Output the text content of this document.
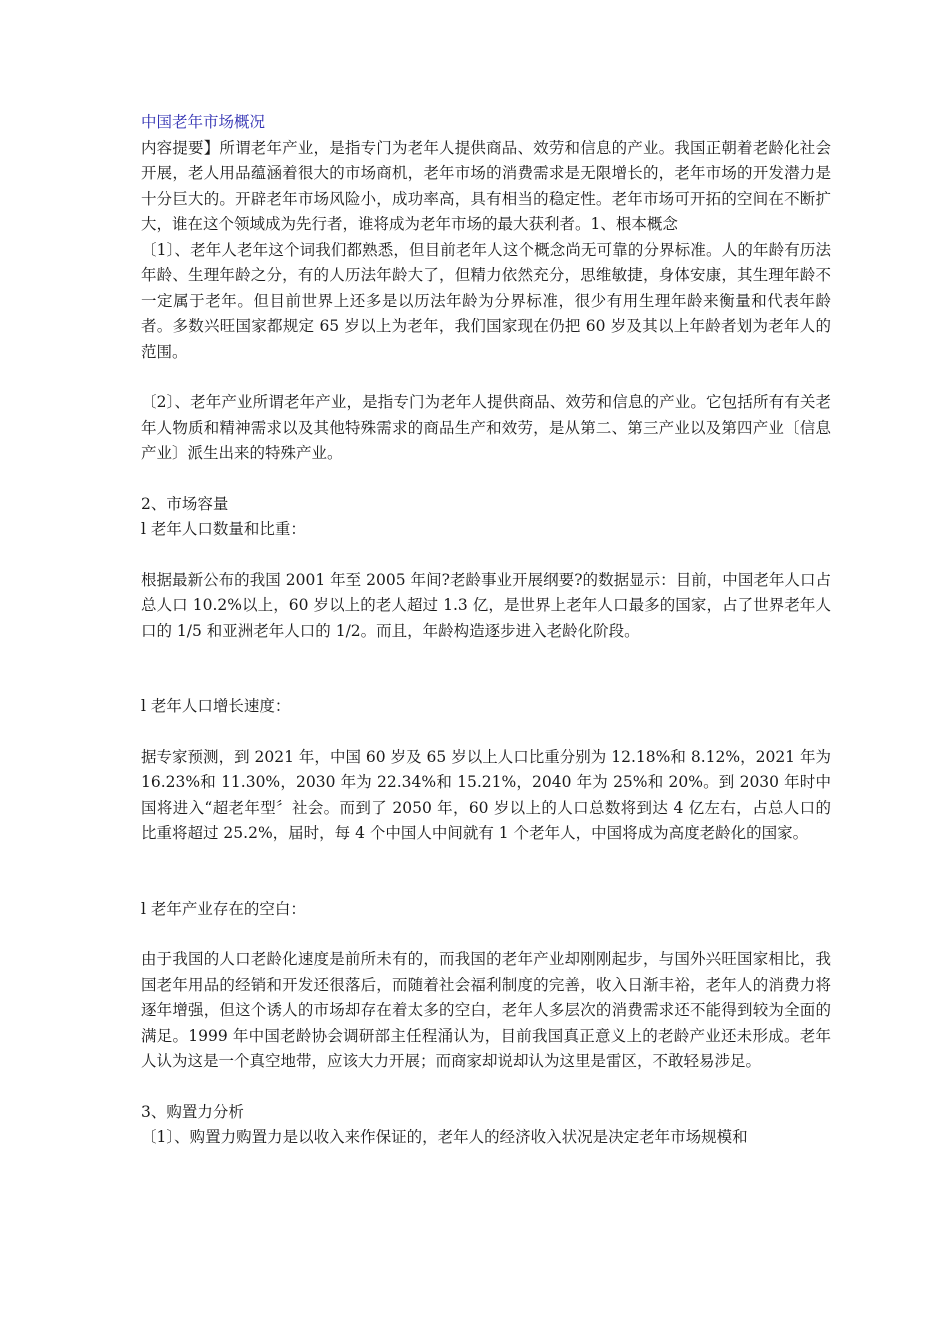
中国老年市场概况

内容提要】所谓老年产业，是指专门为老年人提供商品、效劳和信息的产业。我国正朝着老龄化社会开展，老人用品蕴涵着很大的市场商机，老年市场的消费需求是无限增长的，老年市场的开发潜力是十分巨大的。开辟老年市场风险小，成功率高，具有相当的稳定性。老年市场可开拓的空间在不断扩大，谁在这个领域成为先行者，谁将成为老年市场的最大获利者。1、根本概念

〔1〕、老年人老年这个词我们都熟悉，但目前老年人这个概念尚无可靠的分界标准。人的年龄有历法年龄、生理年龄之分，有的人历法年龄大了，但精力依然充分，思维敏捷，身体安康，其生理年龄不一定属于老年。但目前世界上还多是以历法年龄为分界标准，很少有用生理年龄来衡量和代表年龄者。多数兴旺国家都规定 65 岁以上为老年，我们国家现在仍把 60 岁及其以上年龄者划为老年人的范围。

〔2〕、老年产业所谓老年产业，是指专门为老年人提供商品、效劳和信息的产业。它包括所有有关老年人物质和精神需求以及其他特殊需求的商品生产和效劳，是从第二、第三产业以及第四产业〔信息产业〕派生出来的特殊产业。

2、市场容量

l 老年人口数量和比重：

根据最新公布的我国 2001 年至 2005 年间?老龄事业开展纲要?的数据显示：目前，中国老年人口占总人口 10.2%以上，60 岁以上的老人超过 1.3 亿，是世界上老年人口最多的国家，占了世界老年人口的 1/5 和亚洲老年人口的 1/2。而且，年龄构造逐步进入老龄化阶段。

l 老年人口增长速度：

据专家预测，到 2021 年，中国 60 岁及 65 岁以上人口比重分别为 12.18%和 8.12%，2021 年为 16.23%和 11.30%，2030 年为 22.34%和 15.21%，2040 年为 25%和 20%。到 2030 年时中国将进入“超老年型〞社会。而到了 2050 年，60 岁以上的人口总数将到达 4 亿左右，占总人口的比重将超过 25.2%，届时，每 4 个中国人中间就有 1 个老年人，中国将成为高度老龄化的国家。

l 老年产业存在的空白：

由于我国的人口老龄化速度是前所未有的，而我国的老年产业却刚刚起步，与国外兴旺国家相比，我国老年用品的经销和开发还很落后，而随着社会福利制度的完善，收入日渐丰裕，老年人的消费力将逐年增强，但这个诱人的市场却存在着太多的空白，老年人多层次的消费需求还不能得到较为全面的满足。1999 年中国老龄协会调研部主任程涌认为，目前我国真正意义上的老龄产业还未形成。老年人认为这是一个真空地带，应该大力开展；而商家却说却认为这里是雷区，不敢轻易涉足。

3、购置力分析

〔1〕、购置力购置力是以收入来作保证的，老年人的经济收入状况是决定老年市场规模和
